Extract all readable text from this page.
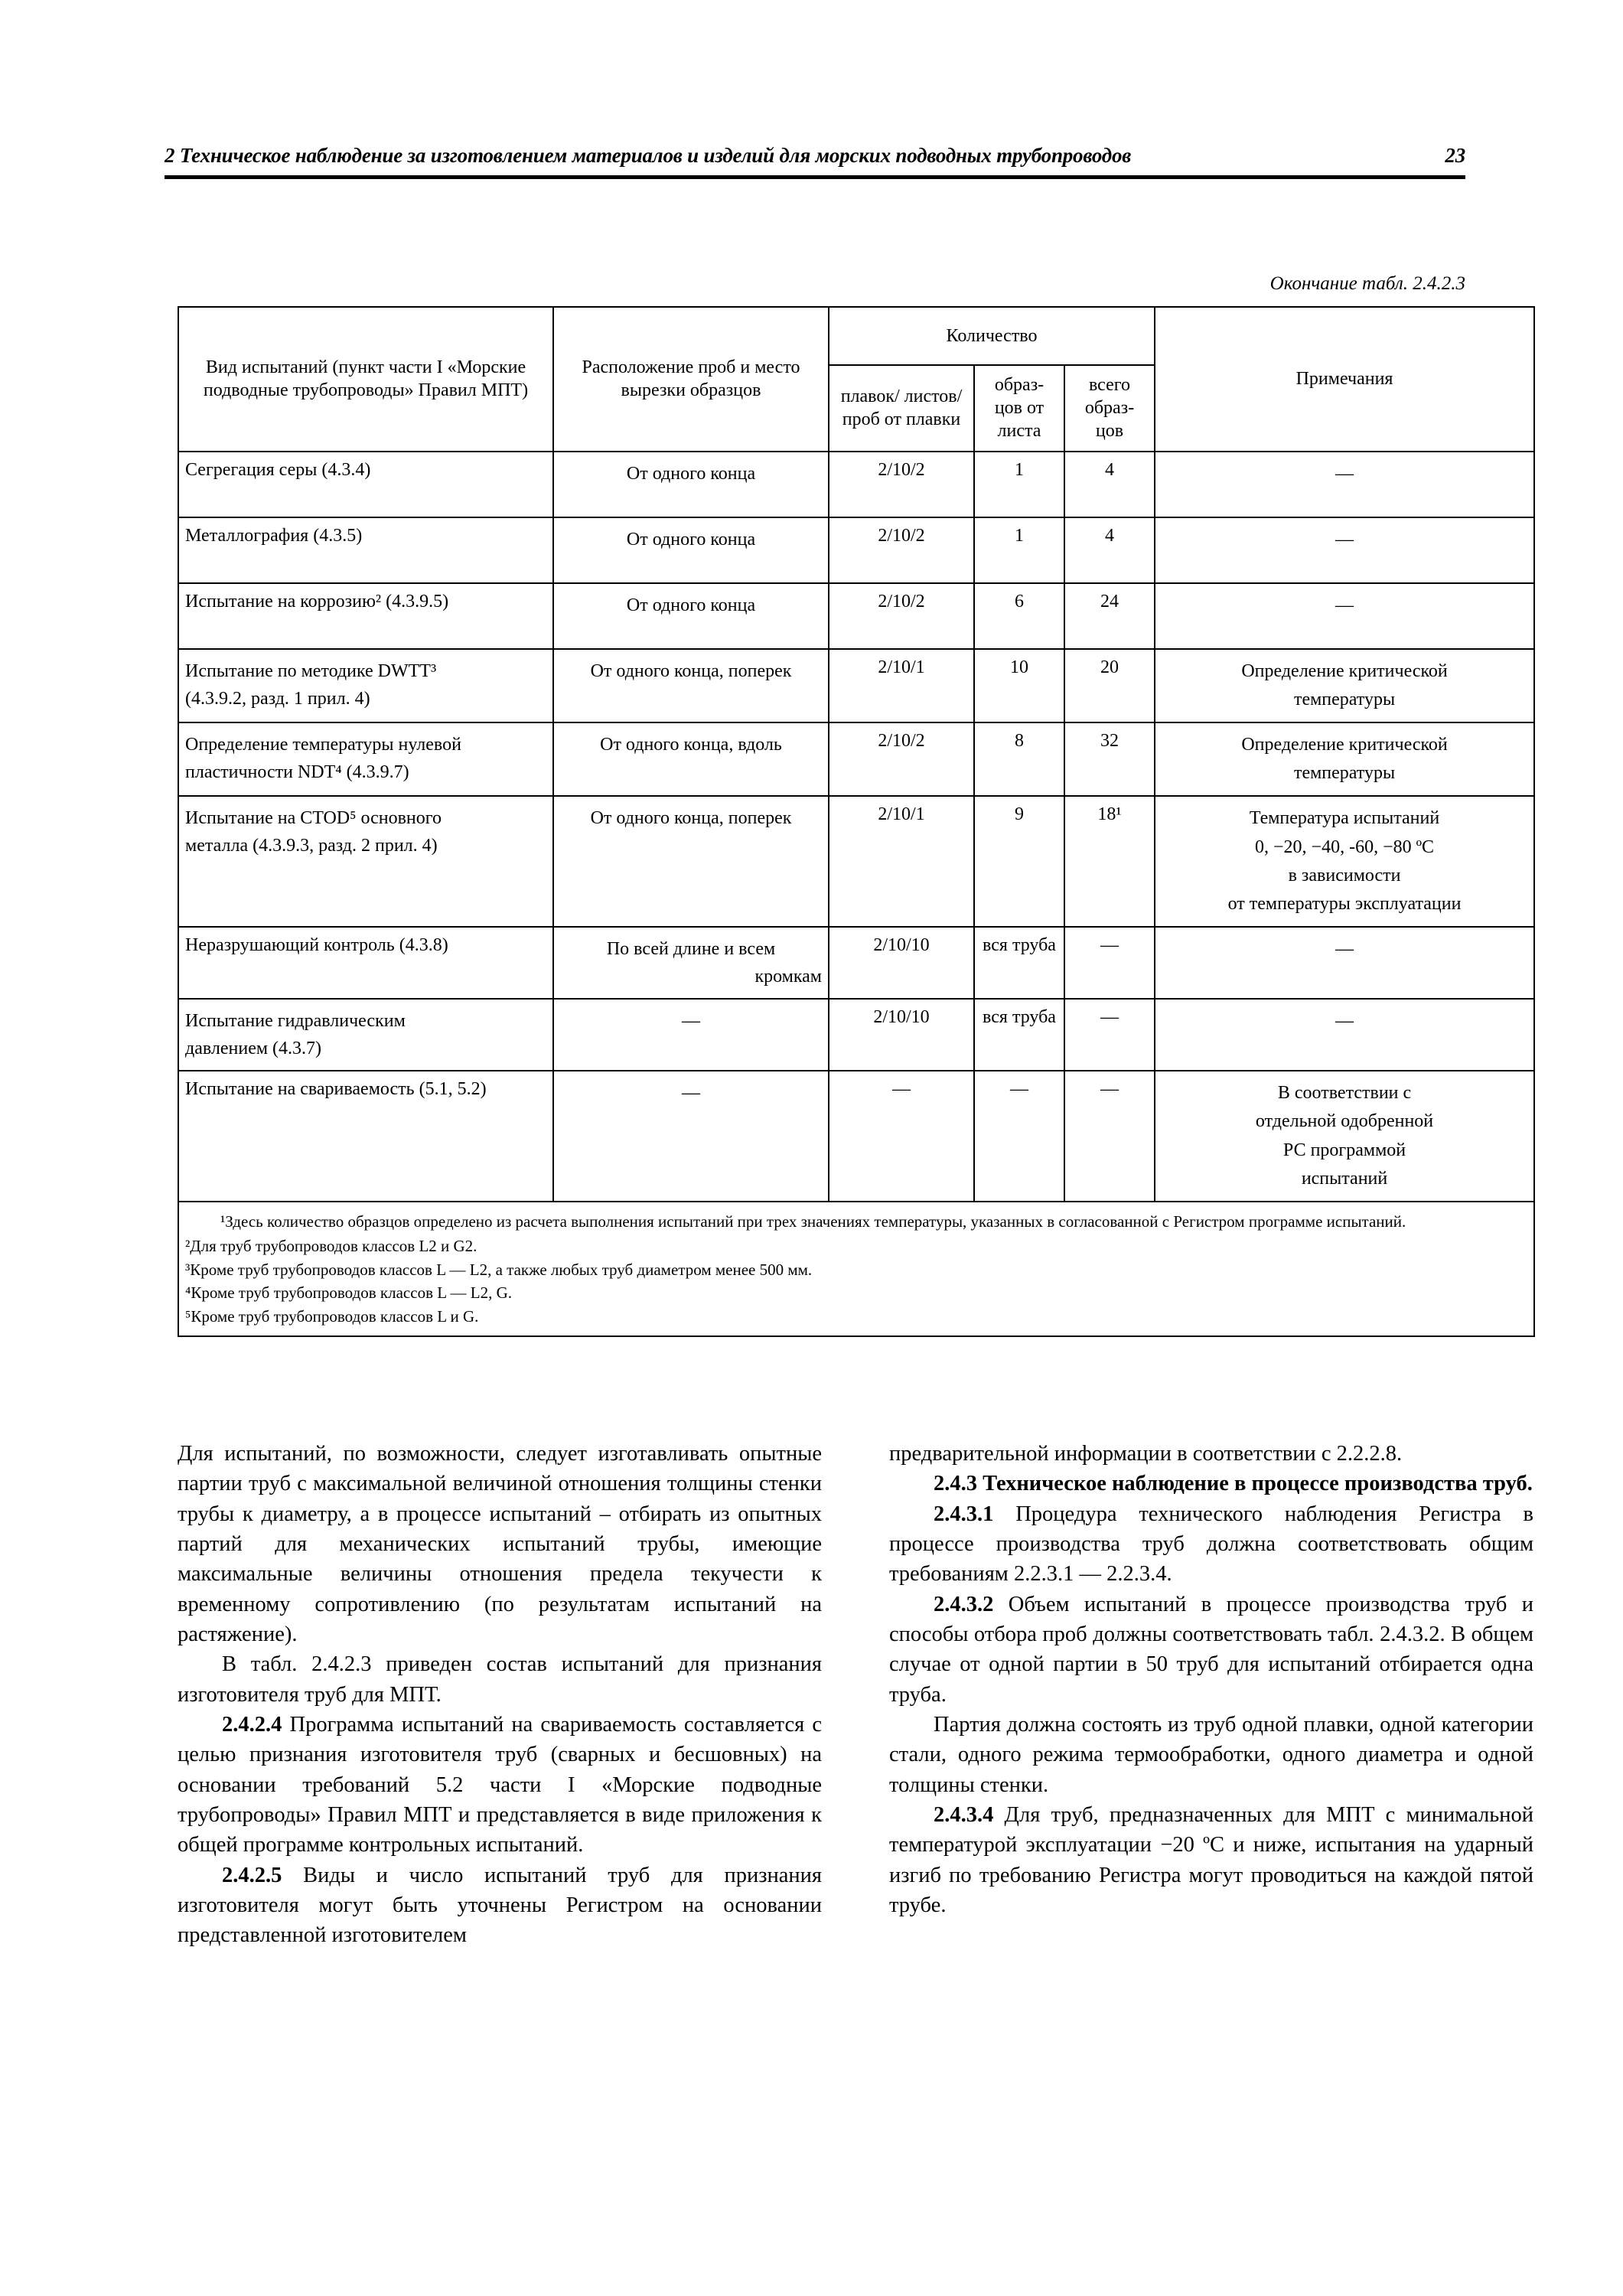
2 Техническое наблюдение за изготовлением материалов и изделий для морских подводных трубопроводов	23
Окончание табл. 2.4.2.3
Вид испытаний (пункт части I «Морские подводные трубопроводы» Правил МПТ)	Расположение проб и место вырезки образцов	Количество			Примечания
		плавок/ листов/проб от плавки	образ- цов от листа	всего образ- цов	
Сегрегация серы (4.3.4)	От одного конца	2/10/2	1	4	—
Металлография (4.3.5)	От одного конца	2/10/2	1	4	—
Испытание на коррозию² (4.3.9.5)	От одного конца	2/10/2	6	24	—

Испытание по методике DWTT³
(4.3.9.2, разд. 1 прил. 4)	От одного конца, поперек	2/10/1	10	20	Определение критической
температуры

Определение температуры нулевой
пластичности NDT⁴ (4.3.9.7)	От одного конца, вдоль	2/10/2	8	32	Определение критической
температуры

Испытание на CTOD⁵ основного
металла (4.3.9.3, разд. 2 прил. 4)	От одного конца, поперек	2/10/1	9	18¹	Температура испытаний
0, −20, −40, -60, −80 ºC
в зависимости
от температуры эксплуатации

Неразрушающий контроль (4.3.8)	По всей длине и всем
кромкам	2/10/10	вся труба	—	—

Испытание гидравлическим
давлением (4.3.7)	—	2/10/10	вся труба	—	—
Испытание на свариваемость (5.1, 5.2)	—	—	—	—	В соответствии с
отдельной одобренной
РС программой
испытаний

¹Здесь количество образцов определено из расчета выполнения испытаний при трех значениях температуры, указанных в согласованной с Регистром программе испытаний.

²Для труб трубопроводов классов L2 и G2.

³Кроме труб трубопроводов классов L — L2, а также любых труб диаметром менее 500 мм.

⁴Кроме труб трубопроводов классов L — L2, G.

⁵Кроме труб трубопроводов классов L и G.					

Для испытаний, по возможности, следует изготавливать опытные партии труб с максимальной величиной отношения толщины стенки трубы к диаметру, а в процессе испытаний – отбирать из опытных партий для механических испытаний трубы, имеющие максимальные величины отношения предела текучести к временному сопротивлению (по результатам испытаний на растяжение).

В табл. 2.4.2.3 приведен состав испытаний для признания изготовителя труб для МПТ.

2.4.2.4 Программа испытаний на свариваемость составляется с целью признания изготовителя труб (сварных и бесшовных) на основании требований 5.2 части I «Морские подводные трубопроводы» Правил МПТ и представляется в виде приложения к общей программе контрольных испытаний.

2.4.2.5 Виды и число испытаний труб для признания изготовителя могут быть уточнены Регистром на основании представленной изготовителем

предварительной информации в соответствии с 2.2.2.8.

2.4.3 Техническое наблюдение в процессе производства труб.

2.4.3.1 Процедура технического наблюдения Регистра в процессе производства труб должна соответствовать общим требованиям 2.2.3.1 — 2.2.3.4.

2.4.3.2 Объем испытаний в процессе производства труб и способы отбора проб должны соответствовать табл. 2.4.3.2. В общем случае от одной партии в 50 труб для испытаний отбирается одна труба.

Партия должна состоять из труб одной плавки, одной категории стали, одного режима термообработки, одного диаметра и одной толщины стенки.

2.4.3.4 Для труб, предназначенных для МПТ с минимальной температурой эксплуатации −20 ºC и ниже, испытания на ударный изгиб по требованию Регистра могут проводиться на каждой пятой трубе.
